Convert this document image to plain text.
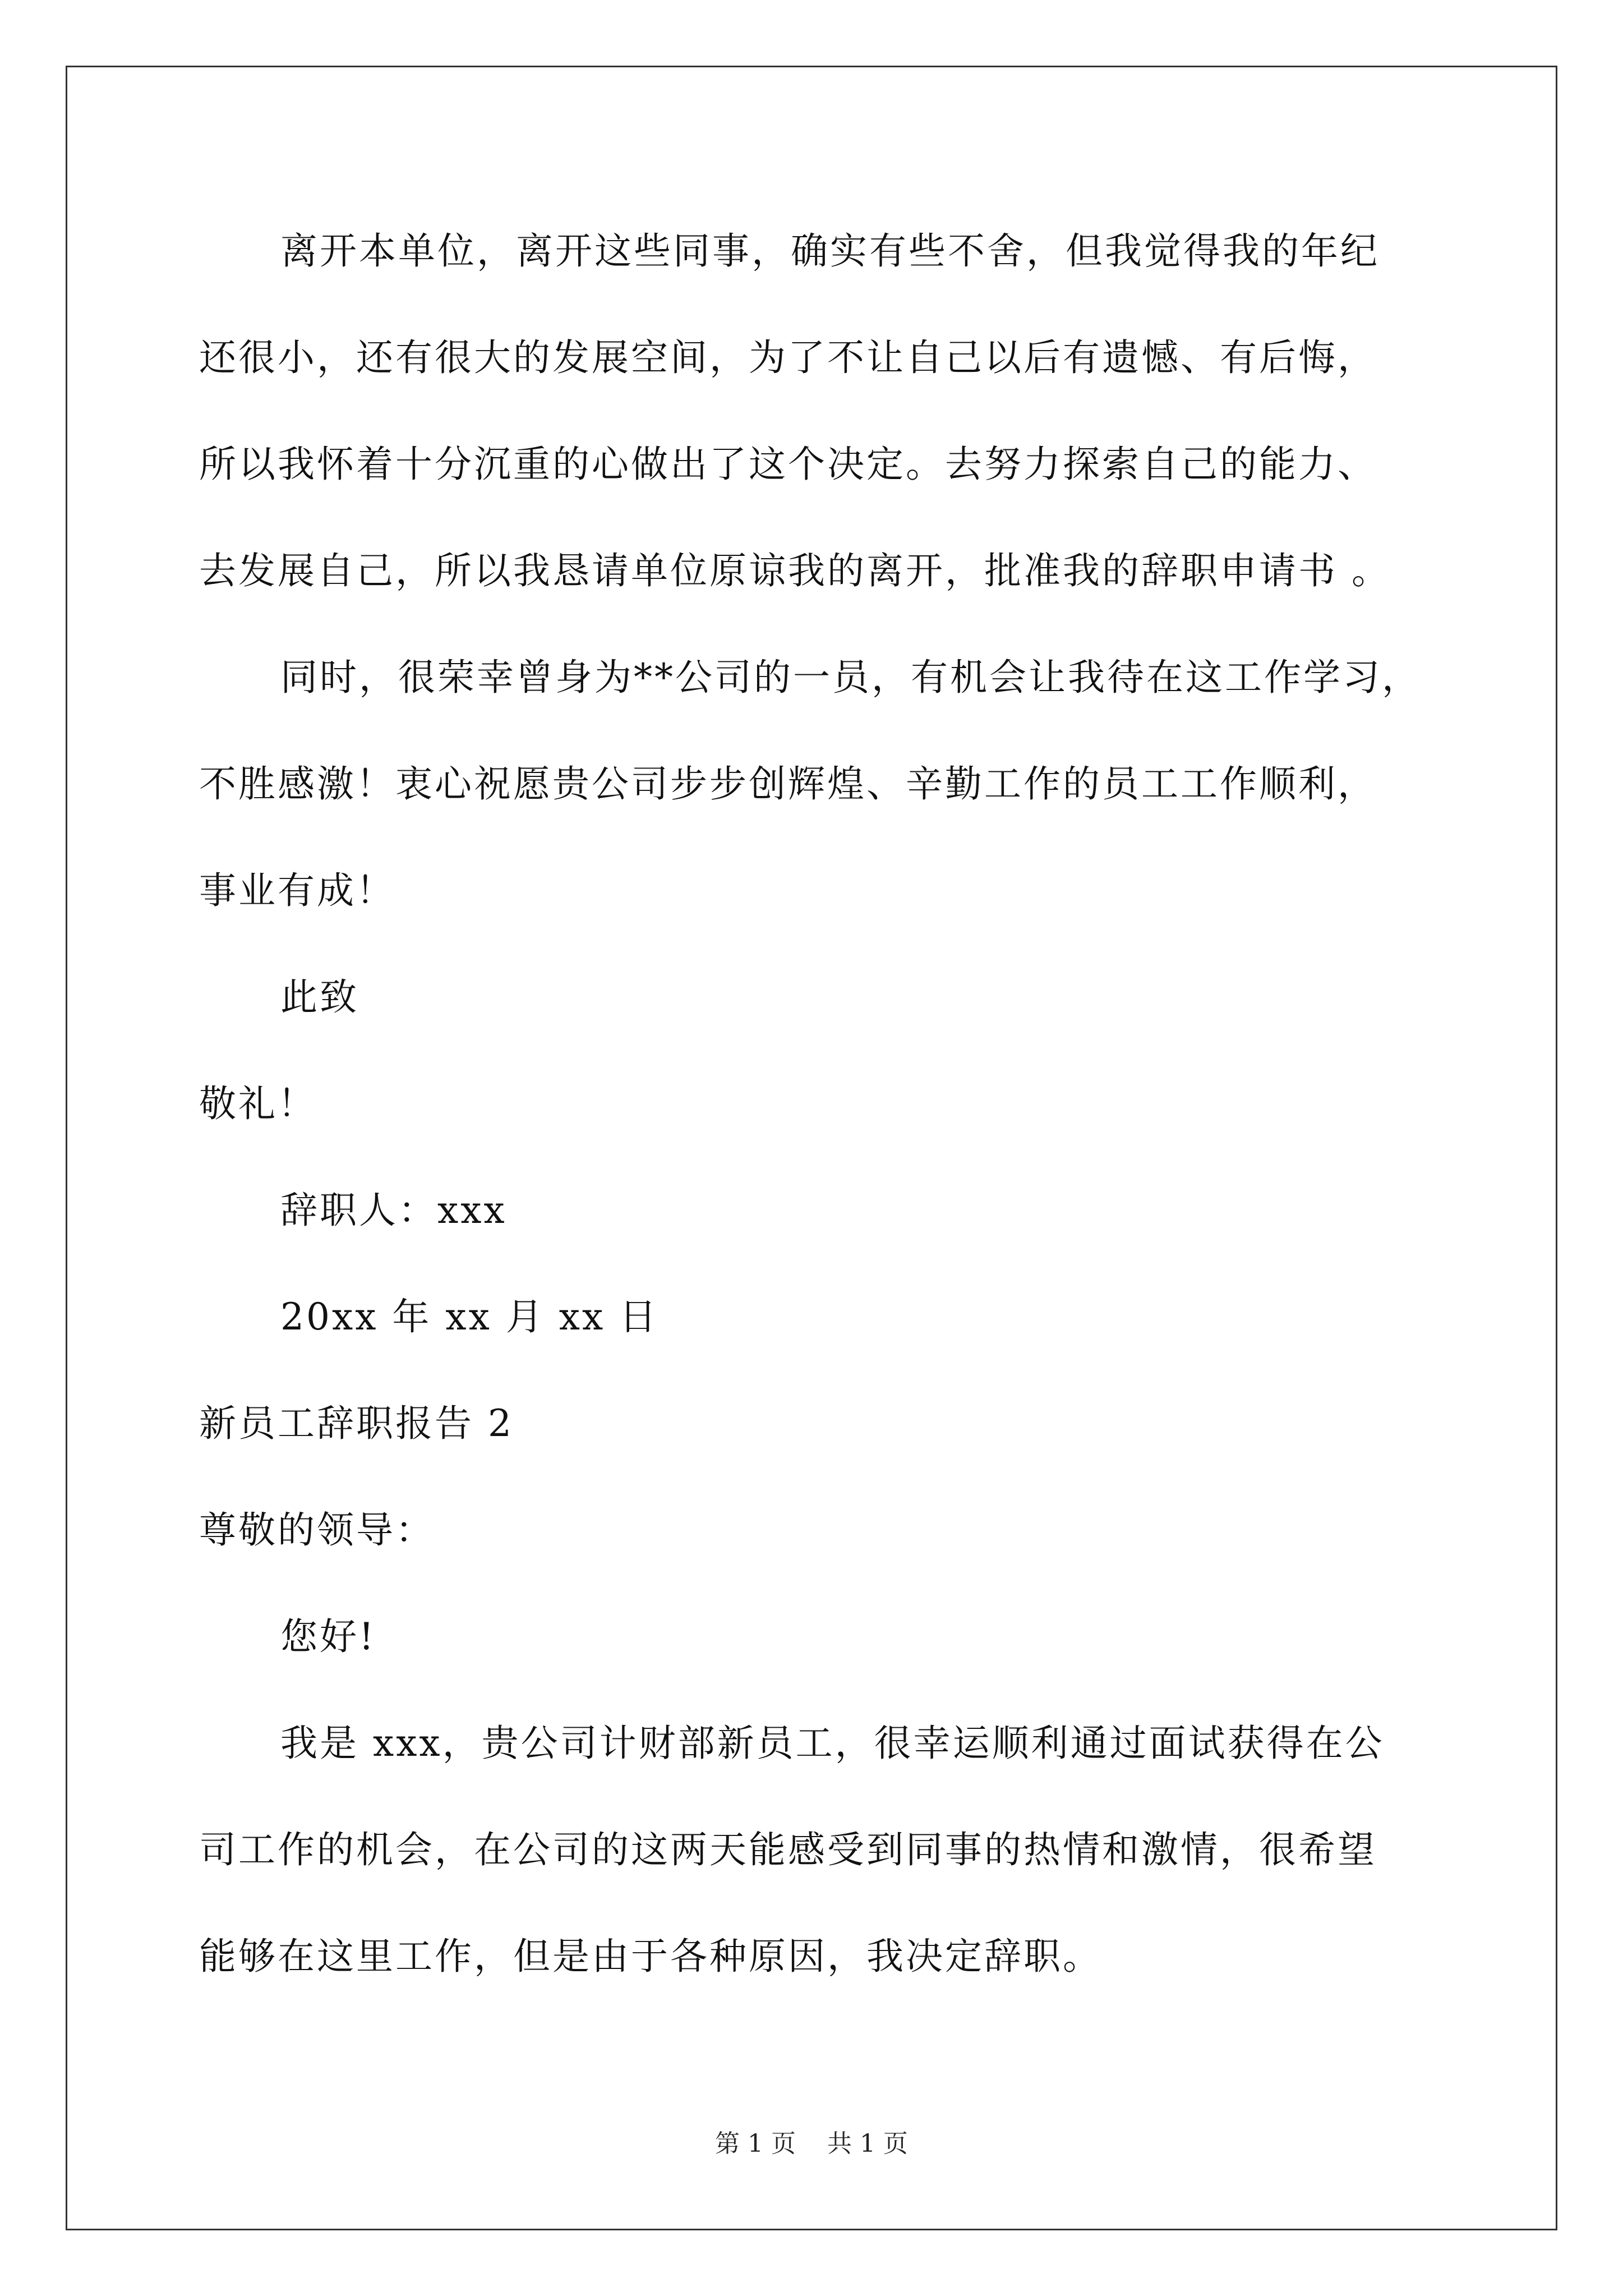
离开本单位，离开这些同事，确实有些不舍，但我觉得我的年纪
还很小，还有很大的发展空间，为了不让自己以后有遗憾、有后悔，
所以我怀着十分沉重的心做出了这个决定。去努力探索自己的能力、
去发展自己，所以我恳请单位原谅我的离开，批准我的辞职申请书 。
同时，很荣幸曾身为**公司的一员，有机会让我待在这工作学习，
不胜感激！衷心祝愿贵公司步步创辉煌、辛勤工作的员工工作顺利，
事业有成！
此致
敬礼！
辞职人：xxx
20xx 年 xx 月 xx 日
新员工辞职报告 2
尊敬的领导：
您好!
我是 xxx，贵公司计财部新员工，很幸运顺利通过面试获得在公
司工作的机会，在公司的这两天能感受到同事的热情和激情，很希望
能够在这里工作，但是由于各种原因，我决定辞职。
第 1 页    共 1 页
